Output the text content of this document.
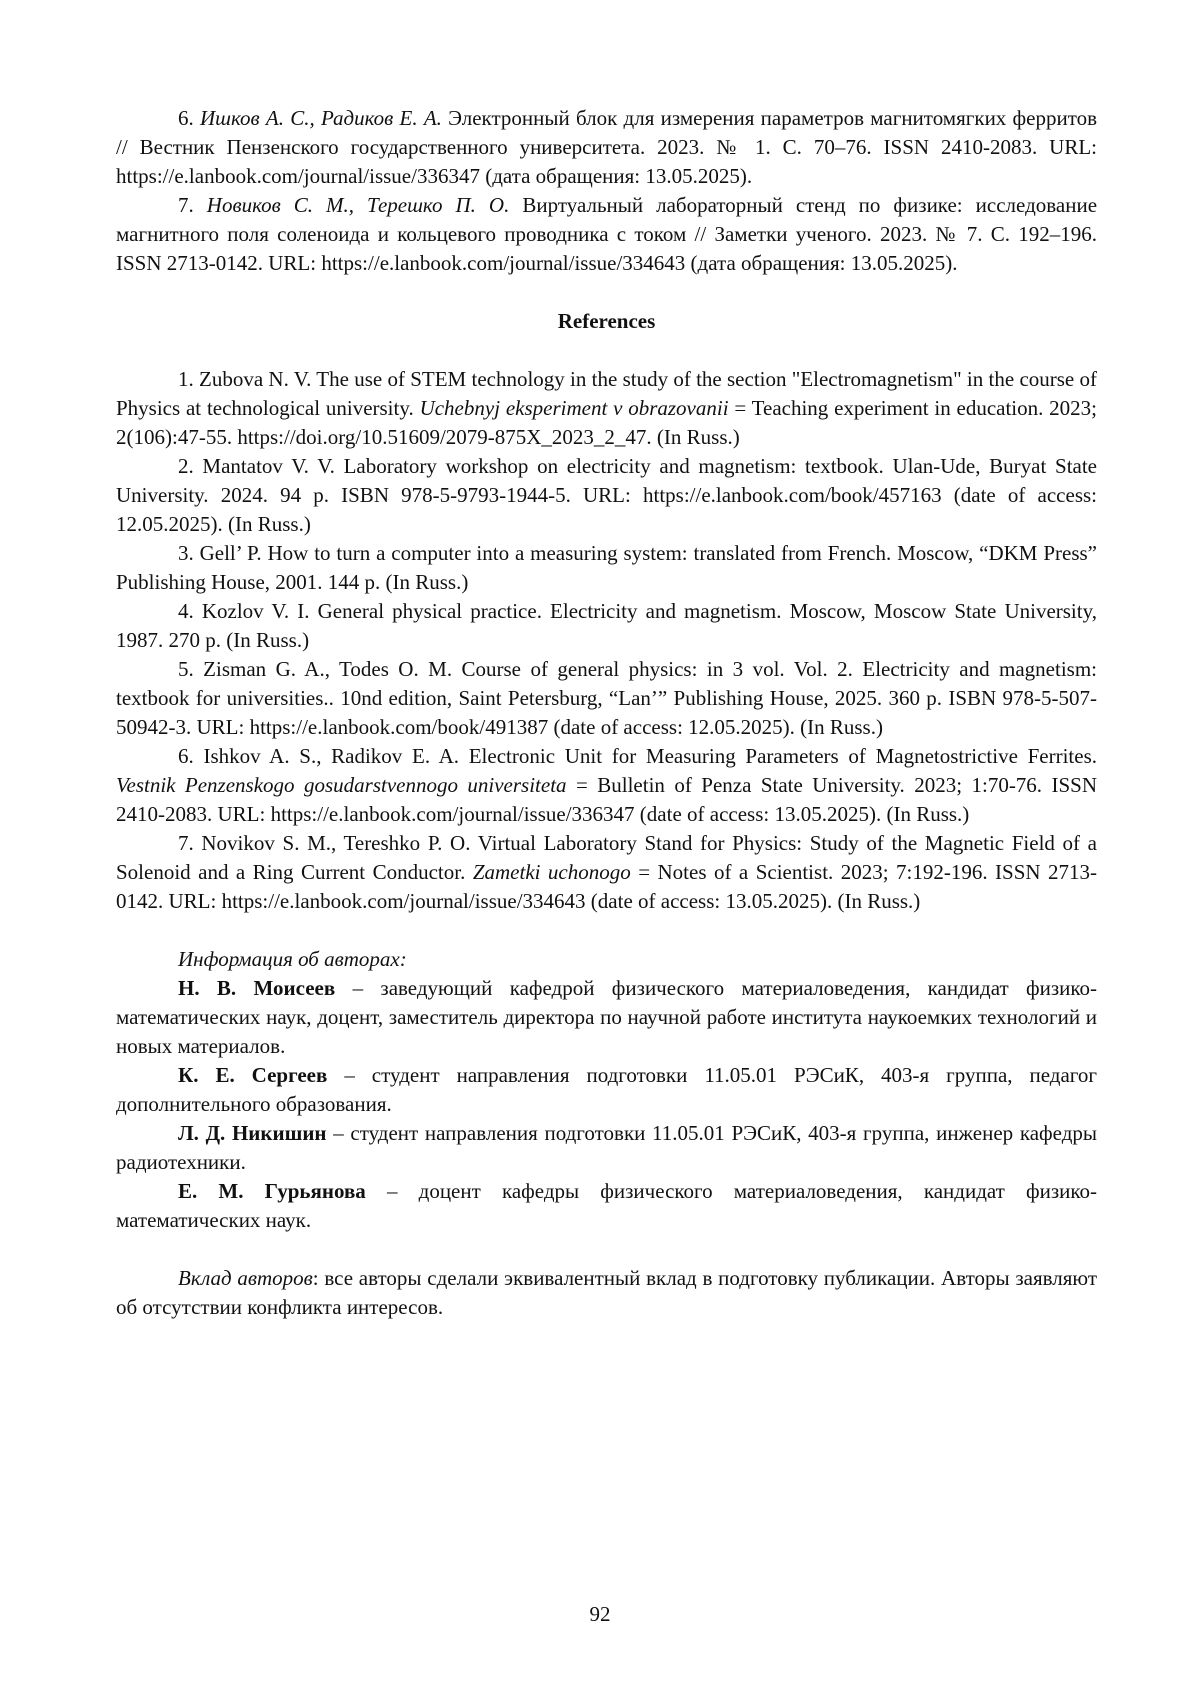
6. Ишков А. С., Радиков Е. А. Электронный блок для измерения параметров магнитомягких ферритов // Вестник Пензенского государственного университета. 2023. № 1. С. 70–76. ISSN 2410-2083. URL: https://e.lanbook.com/journal/issue/336347 (дата обращения: 13.05.2025).

7. Новиков С. М., Терешко П. О. Виртуальный лабораторный стенд по физике: исследование магнитного поля соленоида и кольцевого проводника с током // Заметки ученого. 2023. № 7. С. 192–196. ISSN 2713-0142. URL: https://e.lanbook.com/journal/issue/334643 (дата обращения: 13.05.2025).

References

1. Zubova N. V. The use of STEM technology in the study of the section "Electromagnetism" in the course of Physics at technological university. Uchebnyj eksperiment v obrazovanii = Teaching experiment in education. 2023; 2(106):47-55. https://doi.org/10.51609/2079-875X_2023_2_47. (In Russ.)

2. Mantatov V. V. Laboratory workshop on electricity and magnetism: textbook. Ulan-Ude, Buryat State University. 2024. 94 p. ISBN 978-5-9793-1944-5. URL: https://e.lanbook.com/book/457163 (date of access: 12.05.2025). (In Russ.)

3. Gell’ P. How to turn a computer into a measuring system: translated from French. Moscow, “DKM Press” Publishing House, 2001. 144 p. (In Russ.)

4. Kozlov V. I. General physical practice. Electricity and magnetism. Moscow, Moscow State University, 1987. 270 p. (In Russ.)

5. Zisman G. A., Todes O. M. Course of general physics: in 3 vol. Vol. 2. Electricity and magnetism: textbook for universities.. 10nd edition, Saint Petersburg, “Lan’” Publishing House, 2025. 360 p. ISBN 978-5-507-50942-3. URL: https://e.lanbook.com/book/491387 (date of access: 12.05.2025). (In Russ.)

6. Ishkov A. S., Radikov E. A. Electronic Unit for Measuring Parameters of Magnetostrictive Ferrites. Vestnik Penzenskogo gosudarstvennogo universiteta = Bulletin of Penza State University. 2023; 1:70-76. ISSN 2410-2083. URL: https://e.lanbook.com/journal/issue/336347 (date of access: 13.05.2025). (In Russ.)

7. Novikov S. M., Tereshko P. O. Virtual Laboratory Stand for Physics: Study of the Magnetic Field of a Solenoid and a Ring Current Conductor. Zametki uchonogo = Notes of a Scientist. 2023; 7:192-196. ISSN 2713-0142. URL: https://e.lanbook.com/journal/issue/334643 (date of access: 13.05.2025). (In Russ.)

Информация об авторах:

Н. В. Моисеев – заведующий кафедрой физического материаловедения, кандидат физико-математических наук, доцент, заместитель директора по научной работе института наукоемких технологий и новых материалов.

К. Е. Сергеев – студент направления подготовки 11.05.01 РЭСиК, 403-я группа, педагог дополнительного образования.

Л. Д. Никишин – студент направления подготовки 11.05.01 РЭСиК, 403-я группа, инженер кафедры радиотехники.

Е. М. Гурьянова – доцент кафедры физического материаловедения, кандидат физико-математических наук.

Вклад авторов: все авторы сделали эквивалентный вклад в подготовку публикации. Авторы заявляют об отсутствии конфликта интересов.

92
